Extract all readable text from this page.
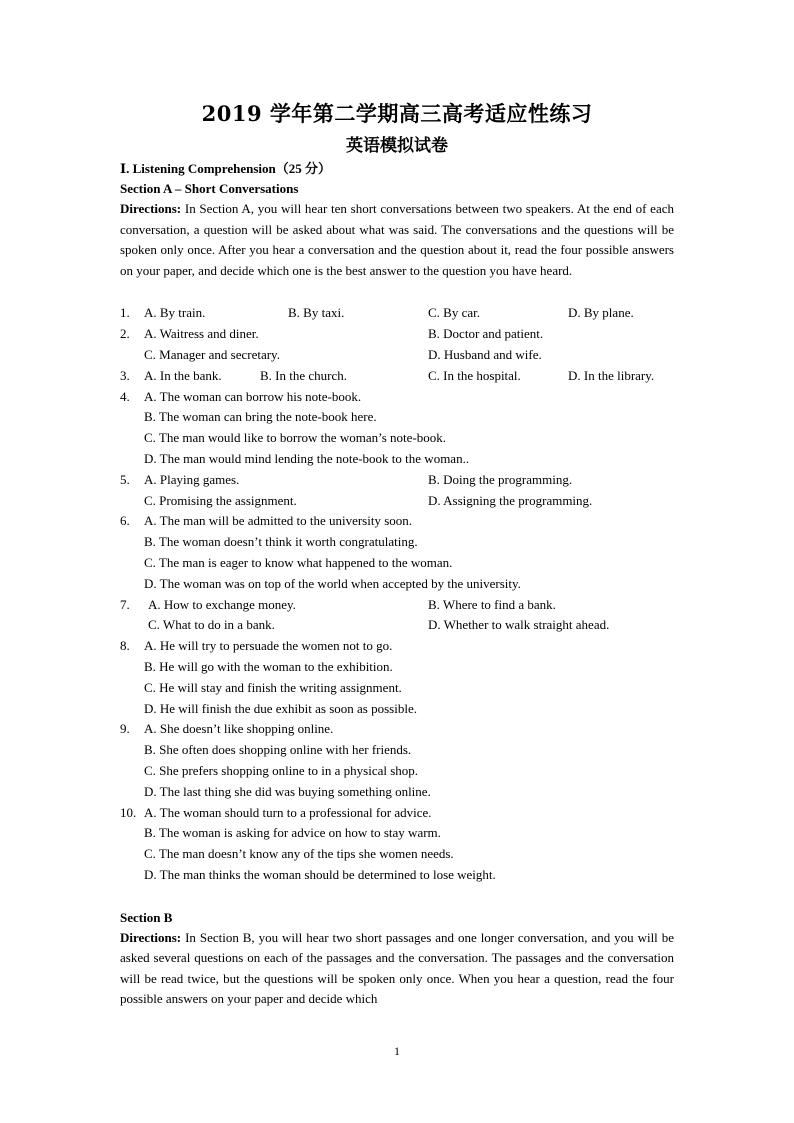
2019 学年第二学期高三高考适应性练习
英语模拟试卷
Ⅰ. Listening Comprehension（25 分）
Section A – Short Conversations
Directions: In Section A, you will hear ten short conversations between two speakers. At the end of each conversation, a question will be asked about what was said. The conversations and the questions will be spoken only once. After you hear a conversation and the question about it, read the four possible answers on your paper, and decide which one is the best answer to the question you have heard.
1. A. By train.	B. By taxi.	C. By car.	D. By plane.
2. A. Waitress and diner.	B. Doctor and patient.
C. Manager and secretary.	D. Husband and wife.
3. A. In the bank.	B. In the church.	C. In the hospital.	D. In the library.
4. A. The woman can borrow his note-book.
B. The woman can bring the note-book here.
C. The man would like to borrow the woman’s note-book.
D. The man would mind lending the note-book to the woman..
5. A. Playing games.	B. Doing the programming.
C. Promising the assignment.	D. Assigning the programming.
6. A. The man will be admitted to the university soon.
B. The woman doesn’t think it worth congratulating.
C. The man is eager to know what happened to the woman.
D. The woman was on top of the world when accepted by the university.
7. A. How to exchange money.	B. Where to find a bank.
C. What to do in a bank.	D. Whether to walk straight ahead.
8. A. He will try to persuade the women not to go.
B. He will go with the woman to the exhibition.
C. He will stay and finish the writing assignment.
D. He will finish the due exhibit as soon as possible.
9. A. She doesn’t like shopping online.
B. She often does shopping online with her friends.
C. She prefers shopping online to in a physical shop.
D. The last thing she did was buying something online.
10. A. The woman should turn to a professional for advice.
B. The woman is asking for advice on how to stay warm.
C. The man doesn’t know any of the tips she women needs.
D. The man thinks the woman should be determined to lose weight.
Section B
Directions: In Section B, you will hear two short passages and one longer conversation, and you will be asked several questions on each of the passages and the conversation. The passages and the conversation will be read twice, but the questions will be spoken only once. When you hear a question, read the four possible answers on your paper and decide which
1
